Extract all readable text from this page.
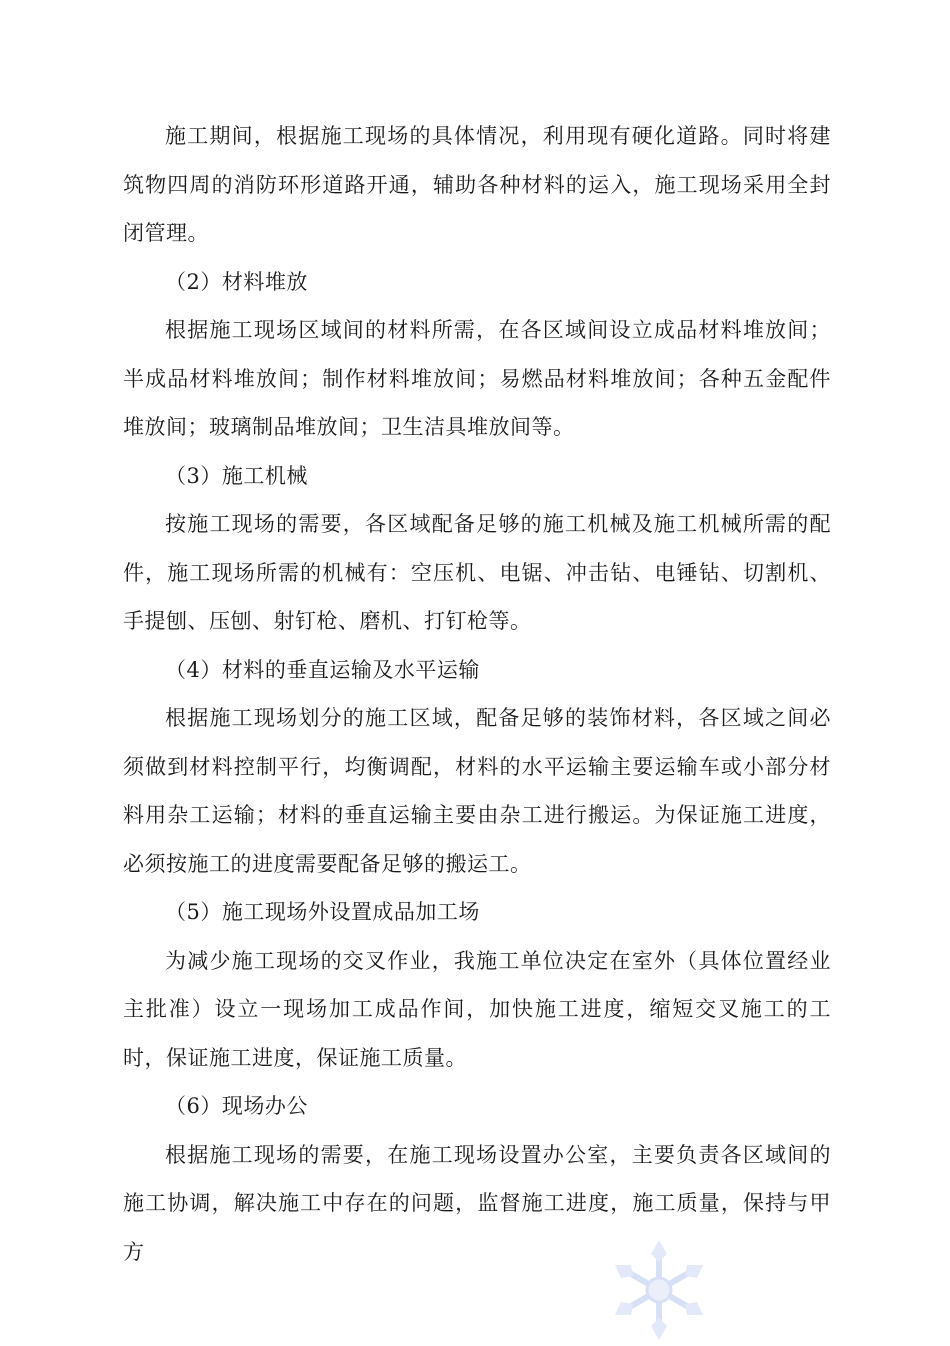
施工期间，根据施工现场的具体情况，利用现有硬化道路。同时将建筑物四周的消防环形道路开通，辅助各种材料的运入，施工现场采用全封闭管理。

（2）材料堆放

根据施工现场区域间的材料所需，在各区域间设立成品材料堆放间；半成品材料堆放间；制作材料堆放间；易燃品材料堆放间；各种五金配件堆放间；玻璃制品堆放间；卫生洁具堆放间等。

（3）施工机械

按施工现场的需要，各区域配备足够的施工机械及施工机械所需的配件，施工现场所需的机械有：空压机、电锯、冲击钻、电锤钻、切割机、手提刨、压刨、射钉枪、磨机、打钉枪等。

（4）材料的垂直运输及水平运输

根据施工现场划分的施工区域，配备足够的装饰材料，各区域之间必须做到材料控制平行，均衡调配，材料的水平运输主要运输车或小部分材料用杂工运输；材料的垂直运输主要由杂工进行搬运。为保证施工进度，必须按施工的进度需要配备足够的搬运工。

（5）施工现场外设置成品加工场

为减少施工现场的交叉作业，我施工单位决定在室外（具体位置经业主批准）设立一现场加工成品作间，加快施工进度，缩短交叉施工的工时，保证施工进度，保证施工质量。

（6）现场办公

根据施工现场的需要，在施工现场设置办公室，主要负责各区域间的施工协调，解决施工中存在的问题，监督施工进度，施工质量，保持与甲方
